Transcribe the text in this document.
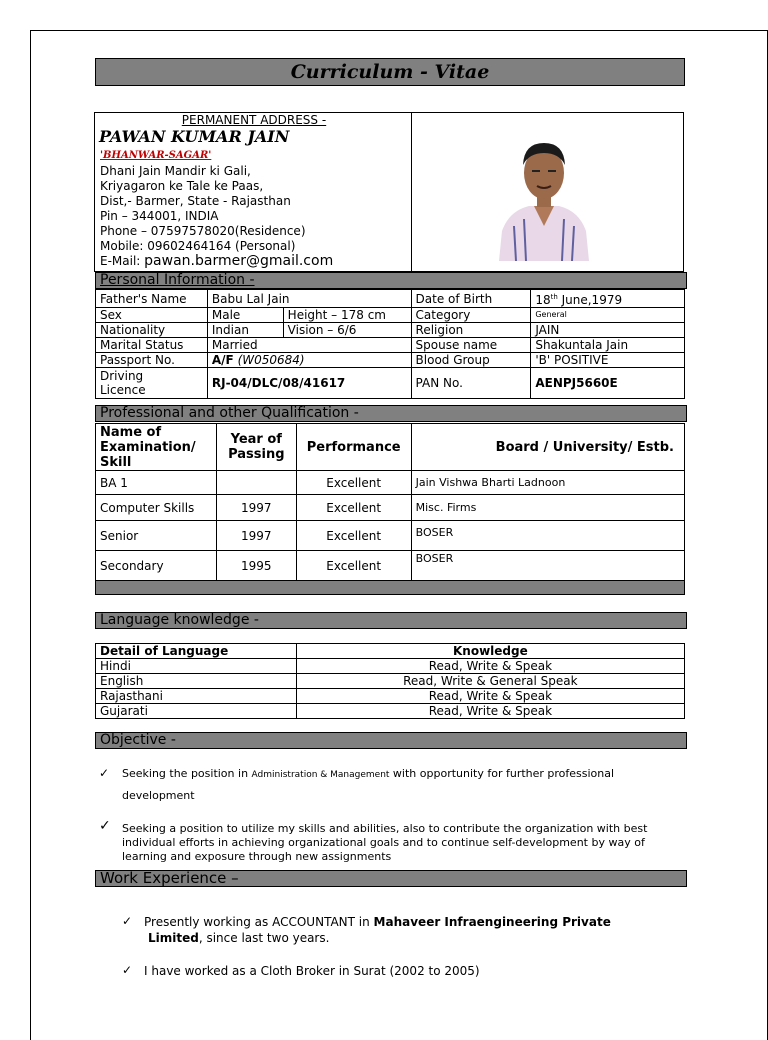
Curriculum - Vitae
PERMANENT ADDRESS -
PAWAN KUMAR JAIN
'BHANWAR-SAGAR'
Dhani Jain Mandir ki Gali,
Kriyagaron ke Tale ke Paas,
Dist,- Barmer, State - Rajasthan
Pin – 344001, INDIA
Phone – 07597578020(Residence)
Mobile: 09602464164 (Personal)
E-Mail: pawan.barmer@gmail.com
Personal Information -
Father's Name	Babu Lal Jain		Date of Birth	18th June,1979
Sex	Male	Height – 178 cm	Category	General
Nationality	Indian	Vision – 6/6	Religion	JAIN
Marital Status	Married		Spouse name	Shakuntala Jain
Passport No.	A/F (W050684)		Blood Group	'B' POSITIVE
Driving
Licence	RJ-04/DLC/08/41617		PAN No.	AENPJ5660E
Professional and other Qualification -
Name of Examination/ Skill	Year of Passing	Performance	Board / University/ Estb.
BA 1		Excellent	Jain Vishwa Bharti Ladnoon
Computer Skills	1997	Excellent	Misc. Firms
Senior	1997	Excellent	BOSER
Secondary	1995	Excellent	BOSER

Language knowledge -
Detail of Language	Knowledge
Hindi	Read, Write & Speak
English	Read, Write & General Speak
Rajasthani	Read, Write & Speak
Gujarati	Read, Write & Speak
Objective -
✓ Seeking the position in Administration & Management with opportunity for further professional
development
✓ Seeking a position to utilize my skills and abilities, also to contribute the organization with best
individual efforts in achieving organizational goals and to continue self-development by way of
learning and exposure through new assignments
Work Experience –
✓ Presently working as ACCOUNTANT in Mahaveer Infraengineering Private
Limited, since last two years.
✓ I have worked as a Cloth Broker in Surat (2002 to 2005)
